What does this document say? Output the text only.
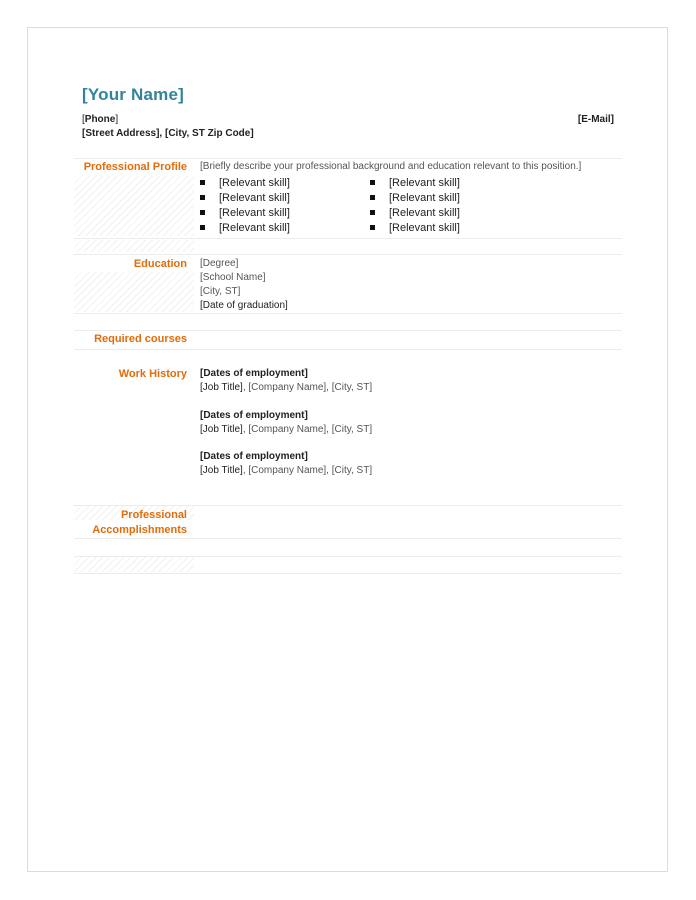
[Your Name]
[Phone]	[E-Mail]
[Street Address], [City, ST Zip Code]
Professional Profile [Briefly describe your professional background and education relevant to this position.]
[Relevant skill]
[Relevant skill]
[Relevant skill]
[Relevant skill]
[Relevant skill]
[Relevant skill]
[Relevant skill]
[Relevant skill]
Education [Degree]
[School Name]
[City, ST]
[Date of graduation]
Required courses
Work History [Dates of employment]
[Job Title], [Company Name], [City, ST]
[Dates of employment]
[Job Title], [Company Name], [City, ST]
[Dates of employment]
[Job Title], [Company Name], [City, ST]
Professional
Accomplishments
